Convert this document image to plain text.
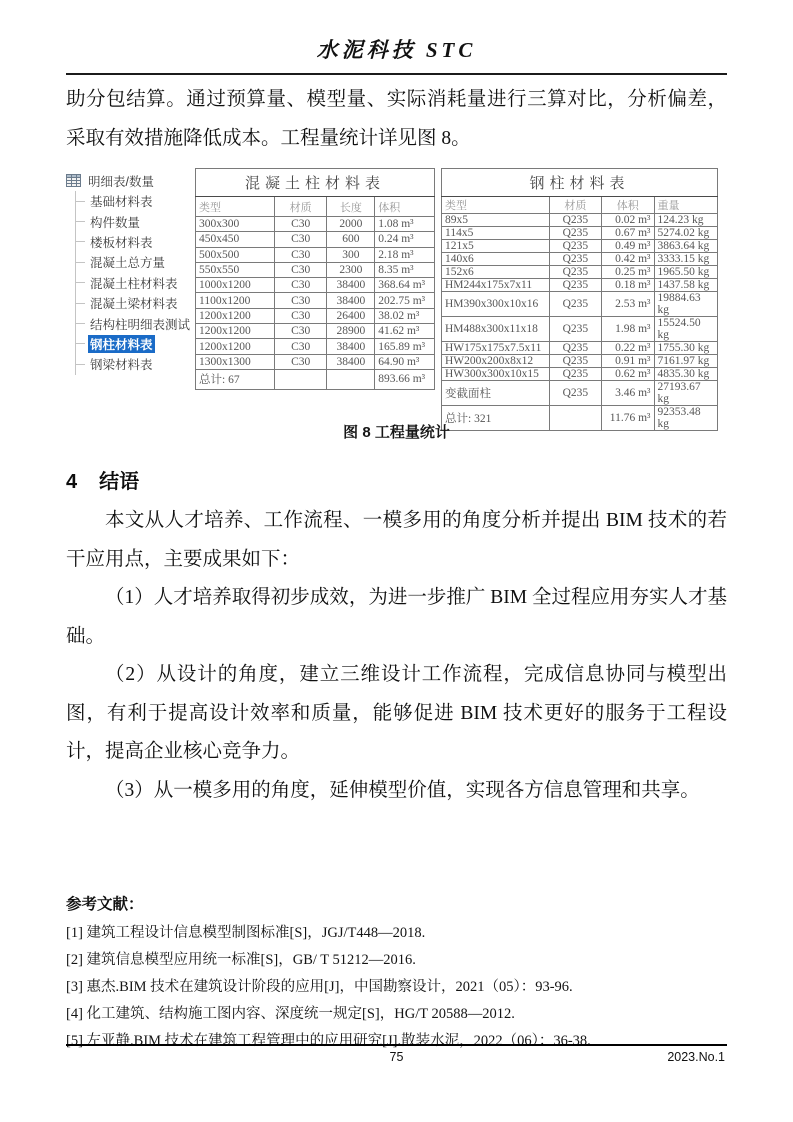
水泥科技 STC

助分包结算。通过预算量、模型量、实际消耗量进行三算对比，分析偏差，采取有效措施降低成本。工程量统计详见图 8。

明细表/数量
基础材料表
构件数量
楼板材料表
混凝土总方量
混凝土柱材料表
混凝土梁材料表
结构柱明细表测试
钢柱材料表
钢梁材料表
混凝土柱材料表			
类型	材质	长度	体积
300x300	C30	2000	1.08 m³
450x450	C30	600	0.24 m³
500x500	C30	300	2.18 m³
550x550	C30	2300	8.35 m³
1000x1200	C30	38400	368.64 m³
1100x1200	C30	38400	202.75 m³
1200x1200	C30	26400	38.02 m³
1200x1200	C30	28900	41.62 m³
1200x1200	C30	38400	165.89 m³
1300x1300	C30	38400	64.90 m³
总计: 67			893.66 m³
钢柱材料表			
类型	材质	体积	重量
89x5	Q235	0.02 m³	124.23 kg
114x5	Q235	0.67 m³	5274.02 kg
121x5	Q235	0.49 m³	3863.64 kg
140x6	Q235	0.42 m³	3333.15 kg
152x6	Q235	0.25 m³	1965.50 kg
HM244x175x7x11	Q235	0.18 m³	1437.58 kg
HM390x300x10x16	Q235	2.53 m³	19884.63 kg
HM488x300x11x18	Q235	1.98 m³	15524.50 kg
HW175x175x7.5x11	Q235	0.22 m³	1755.30 kg
HW200x200x8x12	Q235	0.91 m³	7161.97 kg
HW300x300x10x15	Q235	0.62 m³	4835.30 kg
变截面柱	Q235	3.46 m³	27193.67 kg
总计: 321		11.76 m³	92353.48 kg
图 8 工程量统计
4 结语

本文从人才培养、工作流程、一模多用的角度分析并提出 BIM 技术的若干应用点，主要成果如下：

（1）人才培养取得初步成效，为进一步推广 BIM 全过程应用夯实人才基础。

（2）从设计的角度，建立三维设计工作流程，完成信息协同与模型出图，有利于提高设计效率和质量，能够促进 BIM 技术更好的服务于工程设计，提高企业核心竞争力。

（3）从一模多用的角度，延伸模型价值，实现各方信息管理和共享。

参考文献：

[1] 建筑工程设计信息模型制图标准[S]，JGJ/T448—2018.
[2] 建筑信息模型应用统一标准[S]，GB/ T 51212—2016.
[3] 惠杰.BIM 技术在建筑设计阶段的应用[J]，中国勘察设计，2021（05）：93-96.
[4] 化工建筑、结构施工图内容、深度统一规定[S]，HG/T 20588—2012.
[5] 左亚静.BIM 技术在建筑工程管理中的应用研究[J].散装水泥，2022（06）：36-38.
75	2023.No.1
